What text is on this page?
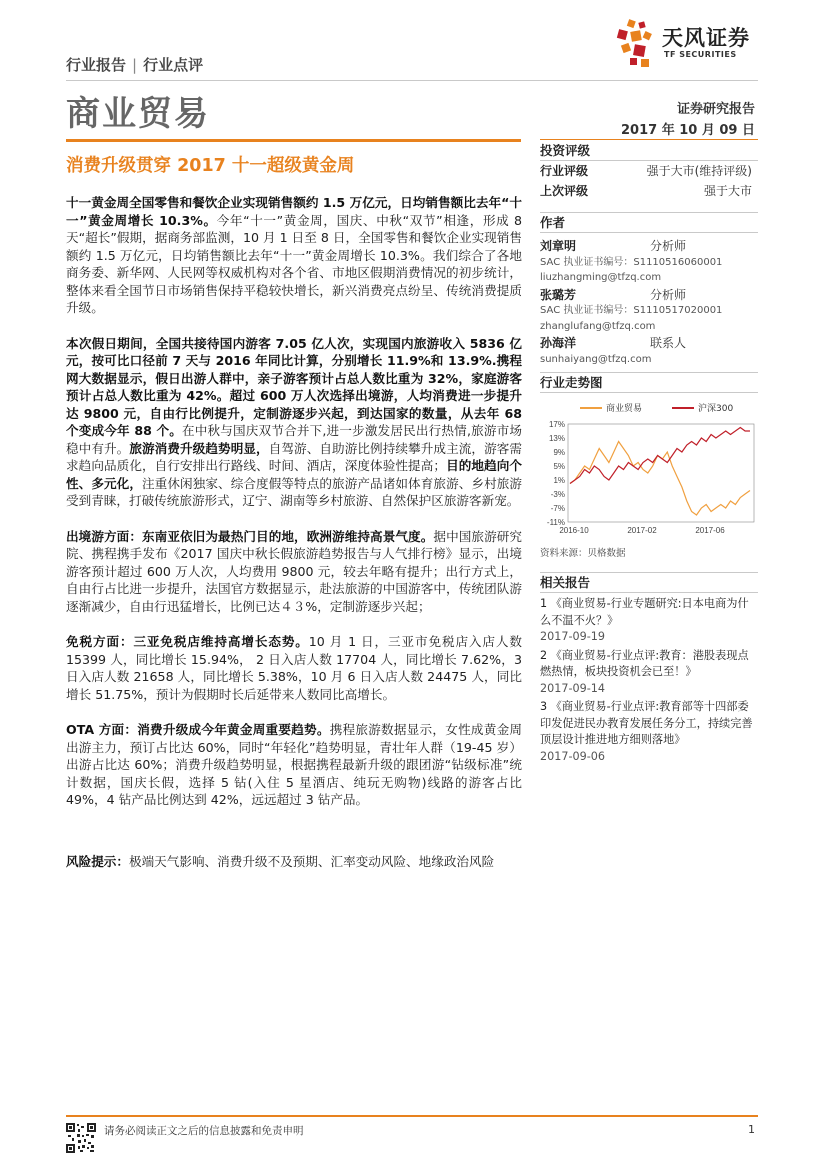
行业报告 | 行业点评
天风证券
TF SECURITIES
商业贸易	证券研究报告
2017 年 10 月 09 日
消费升级贯穿 2017 十一超级黄金周

十一黄金周全国零售和餐饮企业实现销售额约 1.5 万亿元，日均销售额比去年“十一”黄金周增长 10.3%。今年“十一”黄金周，国庆、中秋“双节”相逢，形成 8 天“超长”假期，据商务部监测，10 月 1 日至 8 日，全国零售和餐饮企业实现销售额约 1.5 万亿元，日均销售额比去年“十一”黄金周增长 10.3%。我们综合了各地商务委、新华网、人民网等权威机构对各个省、市地区假期消费情况的初步统计，整体来看全国节日市场销售保持平稳较快增长，新兴消费亮点纷呈、传统消费提质升级。

本次假日期间，全国共接待国内游客 7.05 亿人次，实现国内旅游收入 5836 亿元，按可比口径前 7 天与 2016 年同比计算，分别增长 11.9%和 13.9%.携程网大数据显示，假日出游人群中，亲子游客预计占总人数比重为 32%，家庭游客预计占总人数比重为 42%。超过 600 万人次选择出境游，人均消费进一步提升达 9800 元，自由行比例提升，定制游逐步兴起，到达国家的数量，从去年 68 个变成今年 88 个。在中秋与国庆双节合并下,进一步激发居民出行热情,旅游市场稳中有升。旅游消费升级趋势明显，自驾游、自助游比例持续攀升成主流，游客需求趋向品质化，自行安排出行路线、时间、酒店，深度体验性提高；目的地趋向个性、多元化，注重休闲独家、综合度假等特点的旅游产品诸如体育旅游、乡村旅游受到青睐，打破传统旅游形式，辽宁、湖南等乡村旅游、自然保护区旅游客新宠。

出境游方面：东南亚依旧为最热门目的地，欧洲游维持高景气度。据中国旅游研究院、携程携手发布《2017 国庆中秋长假旅游趋势报告与人气排行榜》显示，出境游客预计超过 600 万人次，人均费用 9800 元，较去年略有提升；出行方式上，自由行占比进一步提升，法国官方数据显示，赴法旅游的中国游客中，传统团队游逐渐减少，自由行迅猛增长，比例已达４３%，定制游逐步兴起；

免税方面：三亚免税店维持高增长态势。10 月 1 日，三亚市免税店入店人数 15399 人，同比增长 15.94%， 2 日入店人数 17704 人，同比增长 7.62%，3 日入店人数 21658 人，同比增长 5.38%，10 月 6 日入店人数 24475 人，同比增长 51.75%，预计为假期时长后延带来人数同比高增长。

OTA 方面：消费升级成今年黄金周重要趋势。携程旅游数据显示，女性成黄金周出游主力，预订占比达 60%，同时“年轻化”趋势明显，青壮年人群（19-45 岁）出游占比达 60%；消费升级趋势明显，根据携程最新升级的跟团游“钻级标准”统计数据，国庆长假，选择 5 钻(入住 5 星酒店、纯玩无购物)线路的游客占比 49%，4 钻产品比例达到 42%，远远超过 3 钻产品。

风险提示：极端天气影响、消费升级不及预期、汇率变动风险、地缘政治风险

投资评级
行业评级	强于大市(维持评级)
上次评级	强于大市
作者
刘章明	分析师
SAC 执业证书编号：S1110516060001
liuzhangming@tfzq.com
张璐芳	分析师
SAC 执业证书编号：S1110517020001
zhanglufang@tfzq.com
孙海洋	联系人
sunhaiyang@tfzq.com
行业走势图
17%
13%
9%
5%
1%
-3%
-7%
-11%
2016-10	2017-02	2017-06
商业贸易	沪深300
资料来源：贝格数据
相关报告
1 《商业贸易-行业专题研究:日本电商为什么不温不火？》
2017-09-19
2 《商业贸易-行业点评:教育：港股表现点燃热情，板块投资机会已至！》
2017-09-14
3 《商业贸易-行业点评:教育部等十四部委印发促进民办教育发展任务分工，持续完善顶层设计推进地方细则落地》
2017-09-06
请务必阅读正文之后的信息披露和免责申明	1
